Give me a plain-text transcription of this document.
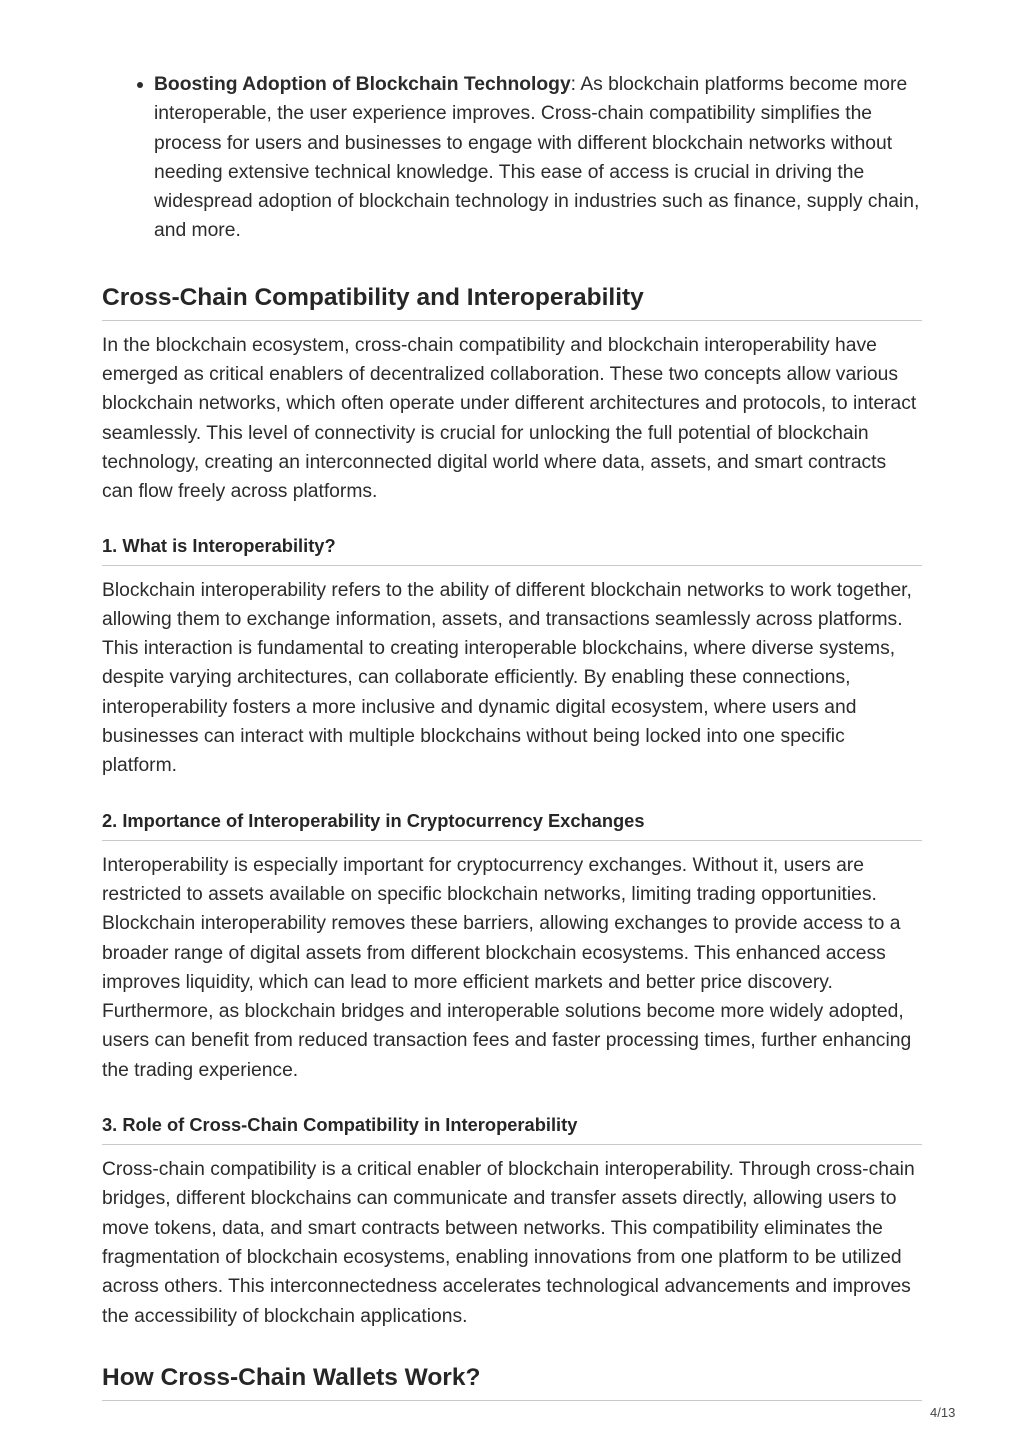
Boosting Adoption of Blockchain Technology: As blockchain platforms become more interoperable, the user experience improves. Cross-chain compatibility simplifies the process for users and businesses to engage with different blockchain networks without needing extensive technical knowledge. This ease of access is crucial in driving the widespread adoption of blockchain technology in industries such as finance, supply chain, and more.
Cross-Chain Compatibility and Interoperability

In the blockchain ecosystem, cross-chain compatibility and blockchain interoperability have emerged as critical enablers of decentralized collaboration. These two concepts allow various blockchain networks, which often operate under different architectures and protocols, to interact seamlessly. This level of connectivity is crucial for unlocking the full potential of blockchain technology, creating an interconnected digital world where data, assets, and smart contracts can flow freely across platforms.

1. What is Interoperability?

Blockchain interoperability refers to the ability of different blockchain networks to work together, allowing them to exchange information, assets, and transactions seamlessly across platforms. This interaction is fundamental to creating interoperable blockchains, where diverse systems, despite varying architectures, can collaborate efficiently. By enabling these connections, interoperability fosters a more inclusive and dynamic digital ecosystem, where users and businesses can interact with multiple blockchains without being locked into one specific platform.

2. Importance of Interoperability in Cryptocurrency Exchanges

Interoperability is especially important for cryptocurrency exchanges. Without it, users are restricted to assets available on specific blockchain networks, limiting trading opportunities. Blockchain interoperability removes these barriers, allowing exchanges to provide access to a broader range of digital assets from different blockchain ecosystems. This enhanced access improves liquidity, which can lead to more efficient markets and better price discovery. Furthermore, as blockchain bridges and interoperable solutions become more widely adopted, users can benefit from reduced transaction fees and faster processing times, further enhancing the trading experience.

3. Role of Cross-Chain Compatibility in Interoperability

Cross-chain compatibility is a critical enabler of blockchain interoperability. Through cross-chain bridges, different blockchains can communicate and transfer assets directly, allowing users to move tokens, data, and smart contracts between networks. This compatibility eliminates the fragmentation of blockchain ecosystems, enabling innovations from one platform to be utilized across others. This interconnectedness accelerates technological advancements and improves the accessibility of blockchain applications.

How Cross-Chain Wallets Work?
4/13
